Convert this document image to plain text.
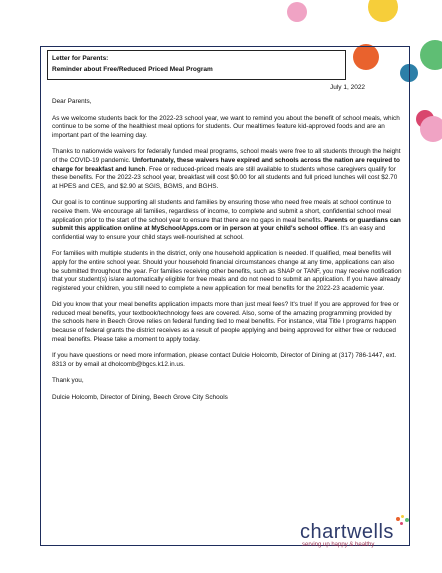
Letter for Parents:
Reminder about Free/Reduced Priced Meal Program
July 1, 2022

Dear Parents,

As we welcome students back for the 2022-23 school year, we want to remind you about the benefit of school meals, which continue to be some of the healthiest meal options for students. Our mealtimes feature kid-approved foods and are an important part of the learning day.

Thanks to nationwide waivers for federally funded meal programs, school meals were free to all students through the height of the COVID-19 pandemic. Unfortunately, these waivers have expired and schools across the nation are required to charge for breakfast and lunch. Free or reduced-priced meals are still available to students whose caregivers qualify for these benefits. For the 2022-23 school year, breakfast will cost $0.00 for all students and full priced lunches will cost $2.70 at HPES and CES, and $2.90 at SGIS, BGMS, and BGHS.

Our goal is to continue supporting all students and families by ensuring those who need free meals at school continue to receive them. We encourage all families, regardless of income, to complete and submit a short, confidential school meal application prior to the start of the school year to ensure that there are no gaps in meal benefits. Parents or guardians can submit this application online at MySchoolApps.com or in person at your child's school office. It's an easy and confidential way to ensure your child stays well-nourished at school.

For families with multiple students in the district, only one household application is needed. If qualified, meal benefits will apply for the entire school year. Should your household financial circumstances change at any time, applications can also be submitted throughout the year. For families receiving other benefits, such as SNAP or TANF, you may receive notification that your student(s) is/are automatically eligible for free meals and do not need to submit an application. If you have already registered your children, you still need to complete a new application for meal benefits for the 2022-23 academic year.

Did you know that your meal benefits application impacts more than just meal fees? It's true! If you are approved for free or reduced meal benefits, your textbook/technology fees are covered. Also, some of the amazing programming provided by the schools here in Beech Grove relies on federal funding tied to meal benefits. For instance, vital Title I programs happen because of federal grants the district receives as a result of people applying and being approved for either free or reduced meal benefits. Please take a moment to apply today.

If you have questions or need more information, please contact Dulcie Holcomb, Director of Dining at (317) 786-1447, ext. 8313 or by email at dholcomb@bgcs.k12.in.us.

Thank you,

Dulcie Holcomb, Director of Dining, Beech Grove City Schools

chartwells
serving up happy & healthy
